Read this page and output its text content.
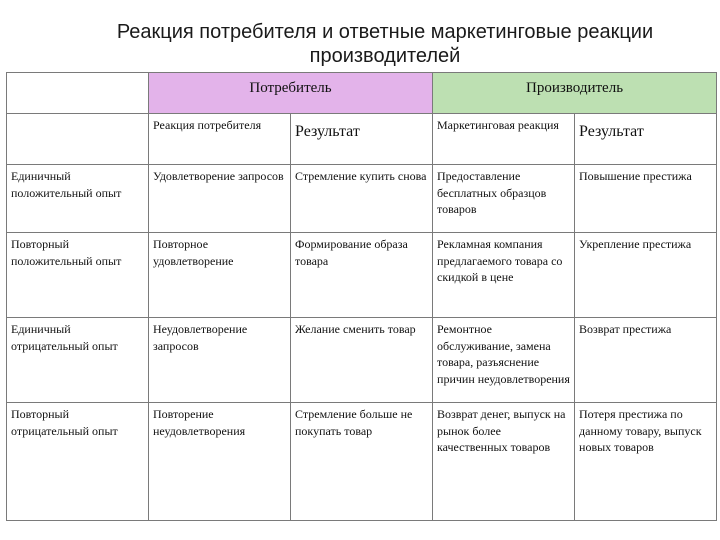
Реакция потребителя и ответные маркетинговые реакции производителей
	Потребитель		Производитель	
	Реакция потребителя	Результат	Маркетинговая реакция	Результат
Единичный положительный опыт	Удовлетворение запросов	Стремление купить снова	Предоставление бесплатных образцов товаров	Повышение престижа
Повторный положительный опыт	Повторное удовлетворение	Формирование образа товара	Рекламная компания предлагаемого товара со скидкой в цене	Укрепление престижа
Единичный отрицательный опыт	Неудовлетворение запросов	Желание сменить товар	Ремонтное обслуживание, замена товара, разъяснение причин неудовлетворения	Возврат престижа
Повторный отрицательный опыт	Повторение неудовлетворения	Стремление больше не покупать товар	Возврат денег, выпуск на рынок более качественных товаров	Потеря престижа по данному товару, выпуск новых товаров
